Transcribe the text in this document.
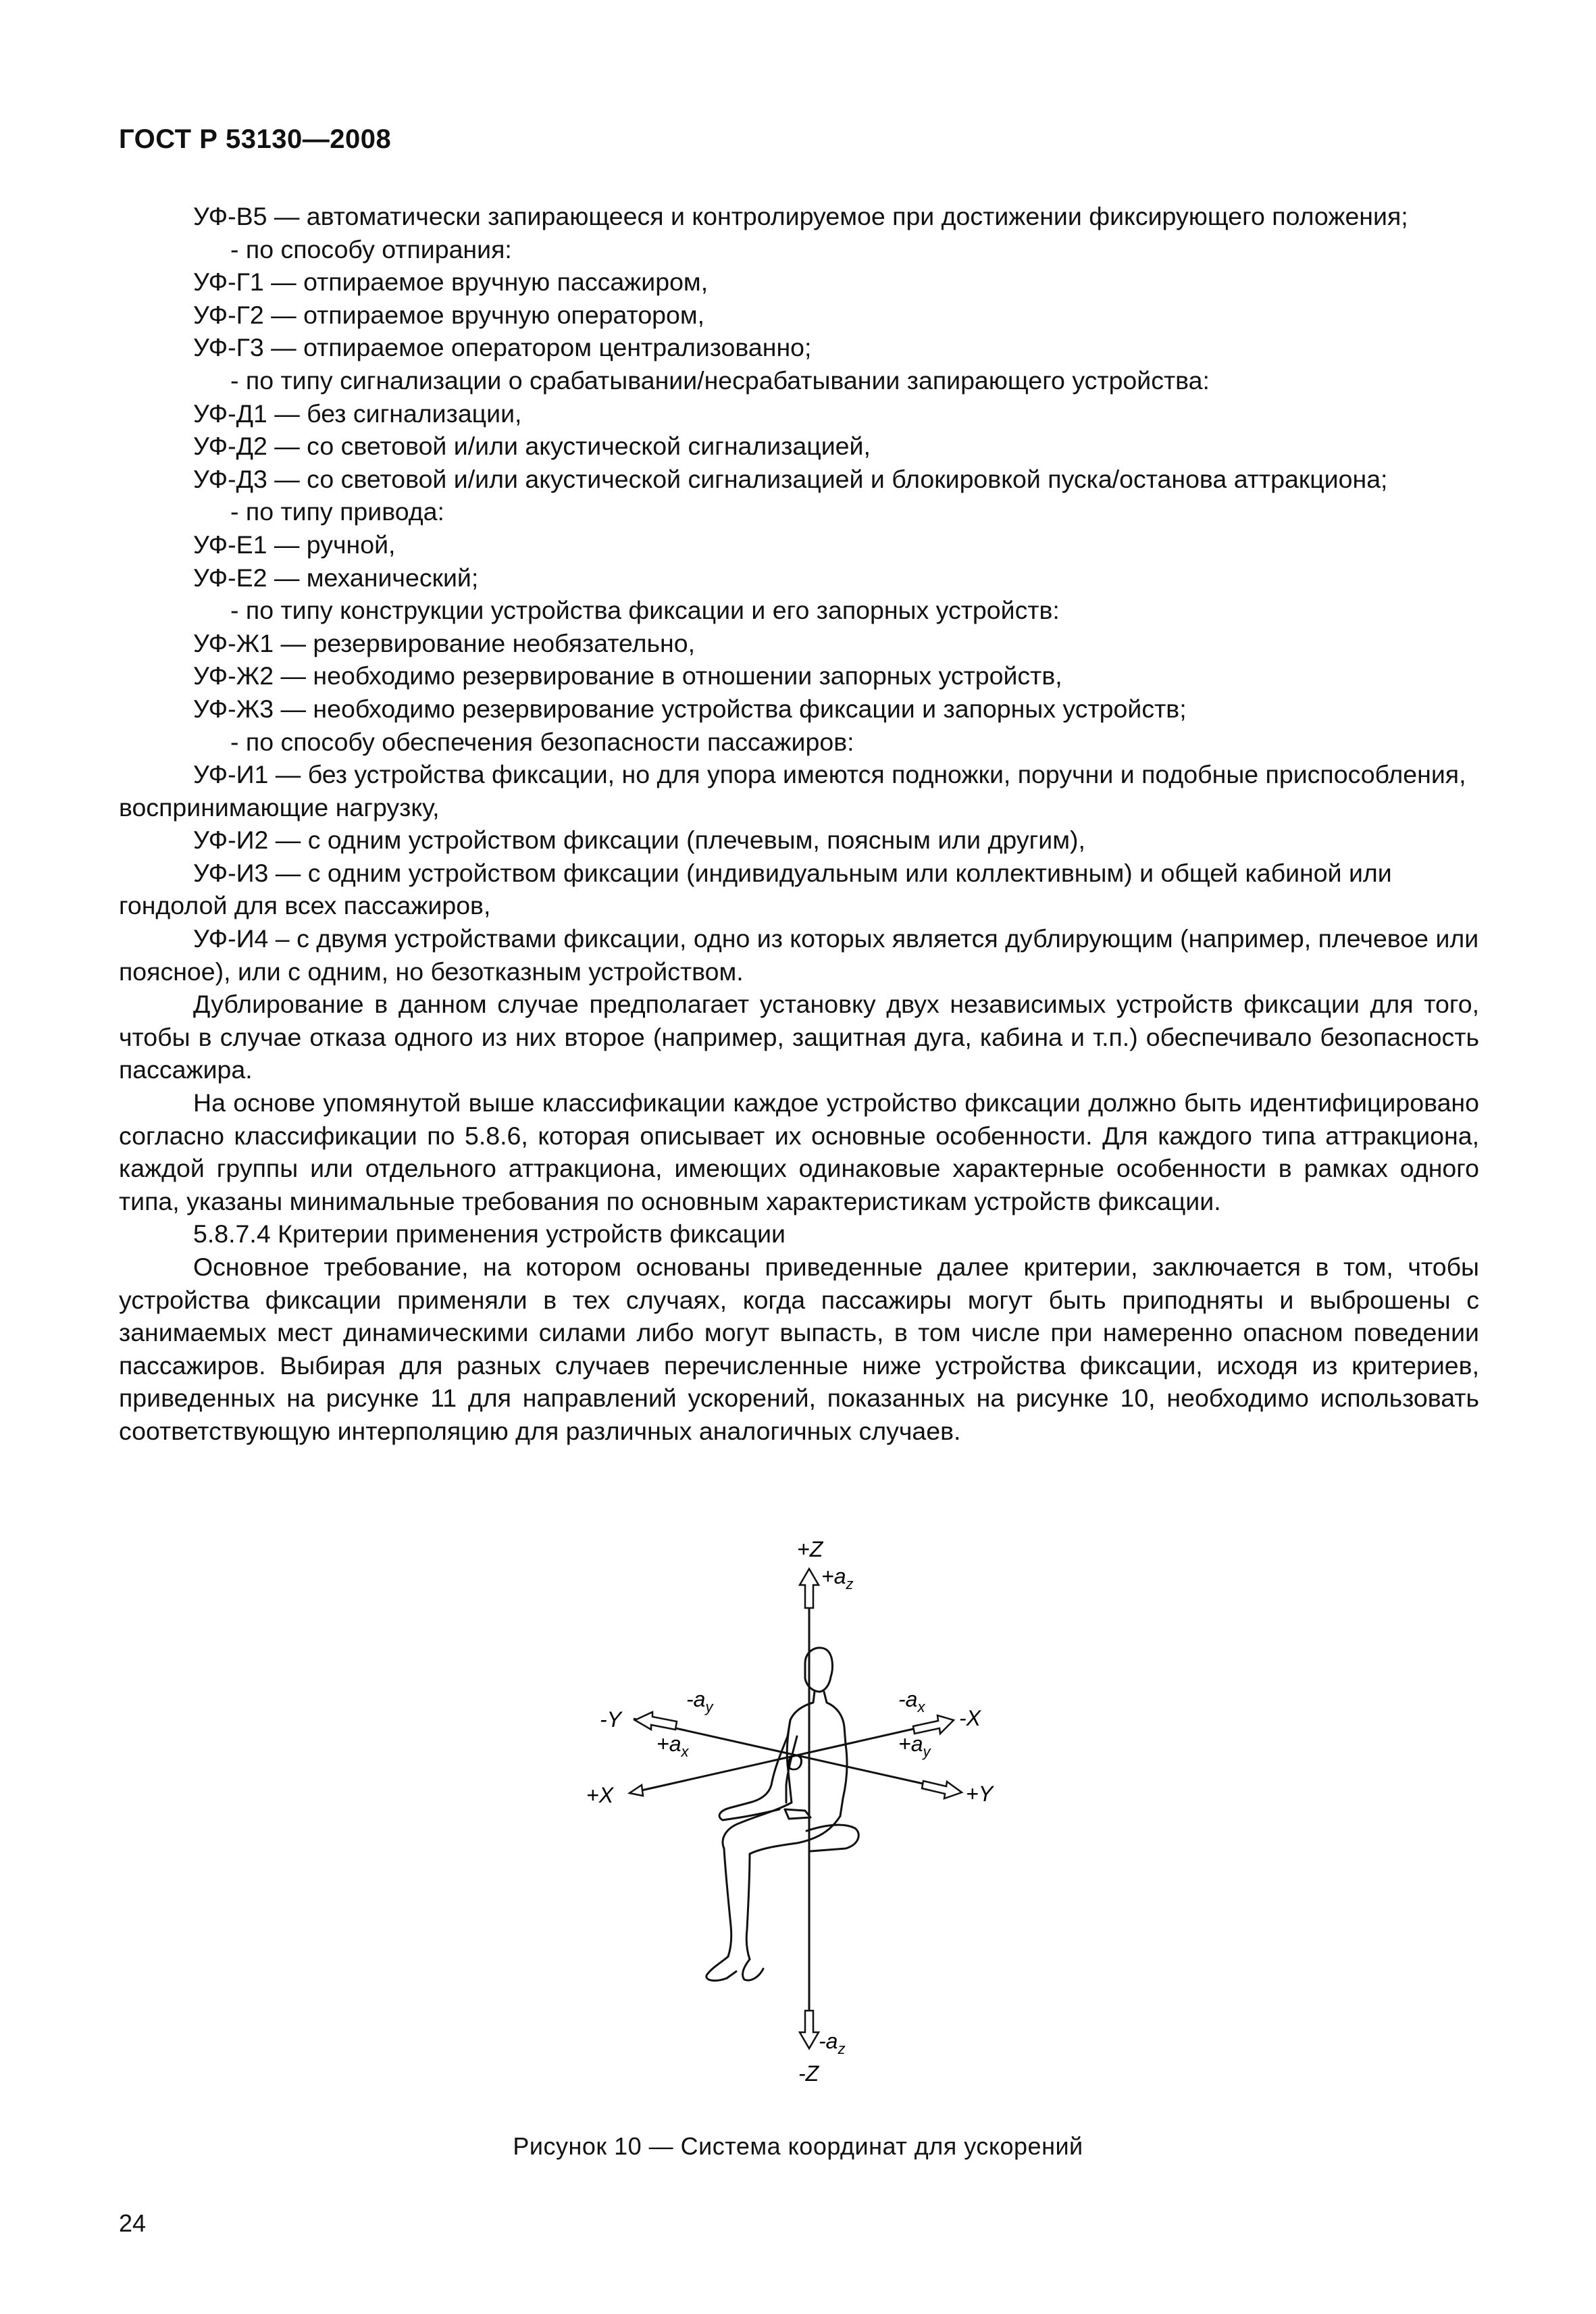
ГОСТ Р 53130—2008

УФ-В5 — автоматически запирающееся и контролируемое при достижении фиксирующего положения;

- по способу отпирания:

УФ-Г1 — отпираемое вручную пассажиром,

УФ-Г2 — отпираемое вручную оператором,

УФ-Г3 — отпираемое оператором централизованно;

- по типу сигнализации о срабатывании/несрабатывании запирающего устройства:

УФ-Д1 — без сигнализации,

УФ-Д2 — со световой и/или акустической сигнализацией,

УФ-Д3 — со световой и/или акустической сигнализацией и блокировкой пуска/останова аттракциона;

- по типу привода:

УФ-Е1 — ручной,

УФ-Е2 — механический;

- по типу конструкции устройства фиксации и его запорных устройств:

УФ-Ж1 — резервирование необязательно,

УФ-Ж2 — необходимо резервирование в отношении запорных устройств,

УФ-Ж3 — необходимо резервирование устройства фиксации и запорных устройств;

- по способу обеспечения безопасности пассажиров:

УФ-И1 — без устройства фиксации, но для упора имеются подножки, поручни и подобные приспособления, воспринимающие нагрузку,

УФ-И2 — с одним устройством фиксации (плечевым, поясным или другим),

УФ-И3 — с одним устройством фиксации (индивидуальным или коллективным) и общей кабиной или гондолой для всех пассажиров,

УФ-И4 – с двумя устройствами фиксации, одно из которых является дублирующим (например, плечевое или поясное), или с одним, но безотказным устройством.

Дублирование в данном случае предполагает установку двух независимых устройств фиксации для того, чтобы в случае отказа одного из них второе (например, защитная дуга, кабина и т.п.) обеспечивало безопасность пассажира.

На основе упомянутой выше классификации каждое устройство фиксации должно быть идентифицировано согласно классификации по 5.8.6, которая описывает их основные особенности. Для каждого типа аттракциона, каждой группы или отдельного аттракциона, имеющих одинаковые характерные особенности в рамках одного типа, указаны минимальные требования по основным характеристикам устройств фиксации.

5.8.7.4 Критерии применения устройств фиксации

Основное требование, на котором основаны приведенные далее критерии, заключается в том, чтобы устройства фиксации применяли в тех случаях, когда пассажиры могут быть приподняты и выброшены с занимаемых мест динамическими силами либо могут выпасть, в том числе при намеренно опасном поведении пассажиров. Выбирая для разных случаев перечисленные ниже устройства фиксации, исходя из критериев, приведенных на рисунке 11 для направлений ускорений, показанных на рисунке 10, необходимо использовать соответствующую интерполяцию для различных аналогичных случаев.

+Z
-Z
-Y
+Y
-X
+X
O
$+a_z$
$-a_z$
$-a_y$
$+a_x$
$-a_x$
$+a_y$
Рисунок 10 — Система координат для ускорений
24
